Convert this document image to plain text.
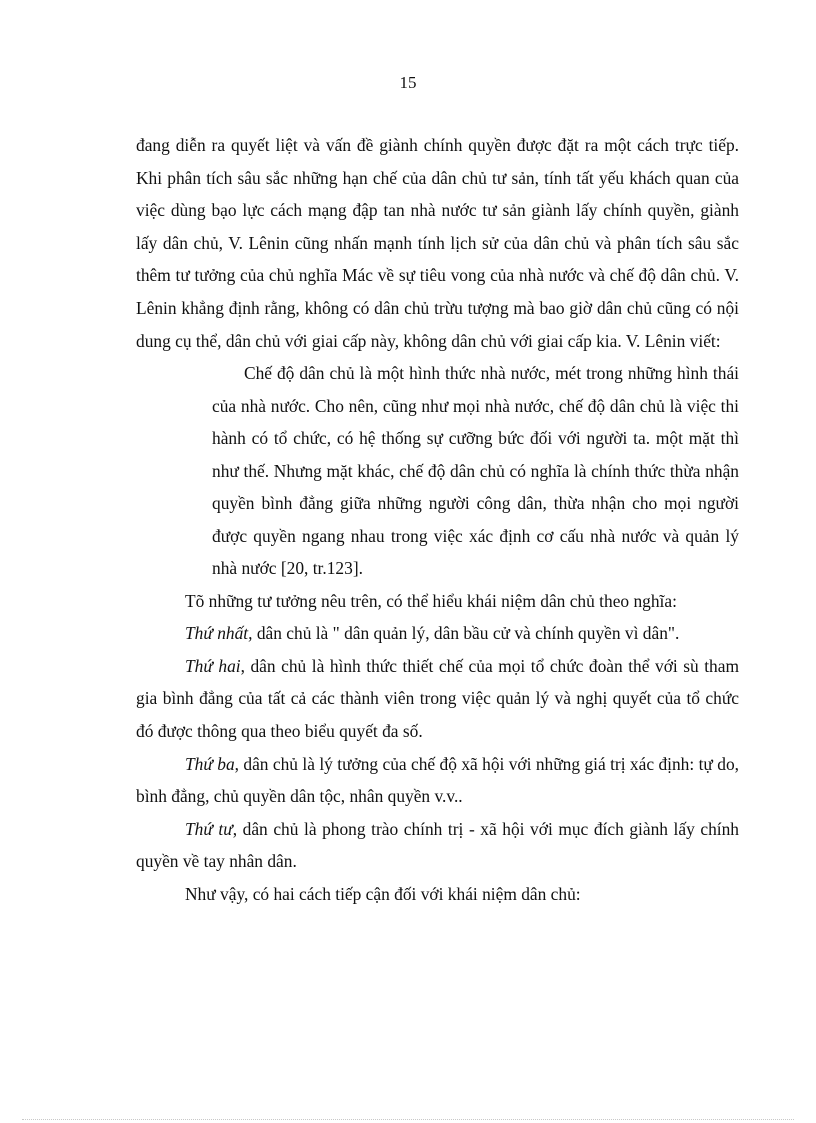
15

đang diễn ra quyết liệt và vấn đề giành chính quyền được đặt ra một cách trực tiếp. Khi phân tích sâu sắc những hạn chế của dân chủ tư sản, tính tất yếu khách quan của việc dùng bạo lực cách mạng đập tan nhà nước tư sản giành lấy chính quyền, giành lấy dân chủ, V. Lênin cũng nhấn mạnh tính lịch sử của dân chủ và phân tích sâu sắc thêm tư tưởng của chủ nghĩa Mác về sự tiêu vong của nhà nước và chế độ dân chủ. V. Lênin khẳng định rằng, không có dân chủ trừu tượng mà bao giờ dân chủ cũng có nội dung cụ thể, dân chủ với giai cấp này, không dân chủ với giai cấp kia. V. Lênin viết:

Chế độ dân chủ là một hình thức nhà nước, mét trong những hình thái của nhà nước. Cho nên, cũng như mọi nhà nước, chế độ dân chủ là việc thi hành có tổ chức, có hệ thống sự cưỡng bức đối với người ta. một mặt thì như thế. Nhưng mặt khác, chế độ dân chủ có nghĩa là chính thức thừa nhận quyền bình đẳng giữa những người công dân, thừa nhận cho mọi người được quyền ngang nhau trong việc xác định cơ cấu nhà nước và quản lý nhà nước [20, tr.123].

Tõ những tư tưởng nêu trên, có thể hiểu khái niệm dân chủ theo nghĩa:

Thứ nhất, dân chủ là " dân quản lý, dân bầu cử và chính quyền vì dân".

Thứ hai, dân chủ là hình thức thiết chế của mọi tổ chức đoàn thể với sù tham gia bình đẳng của tất cả các thành viên trong việc quản lý và nghị quyết của tổ chức đó được thông qua theo biểu quyết đa số.

Thứ ba, dân chủ là lý tưởng của chế độ xã hội với những giá trị xác định: tự do, bình đẳng, chủ quyền dân tộc, nhân quyền v.v..

Thứ tư, dân chủ là phong trào chính trị - xã hội với mục đích giành lấy chính quyền về tay nhân dân.

Như vậy, có hai cách tiếp cận đối với khái niệm dân chủ:
